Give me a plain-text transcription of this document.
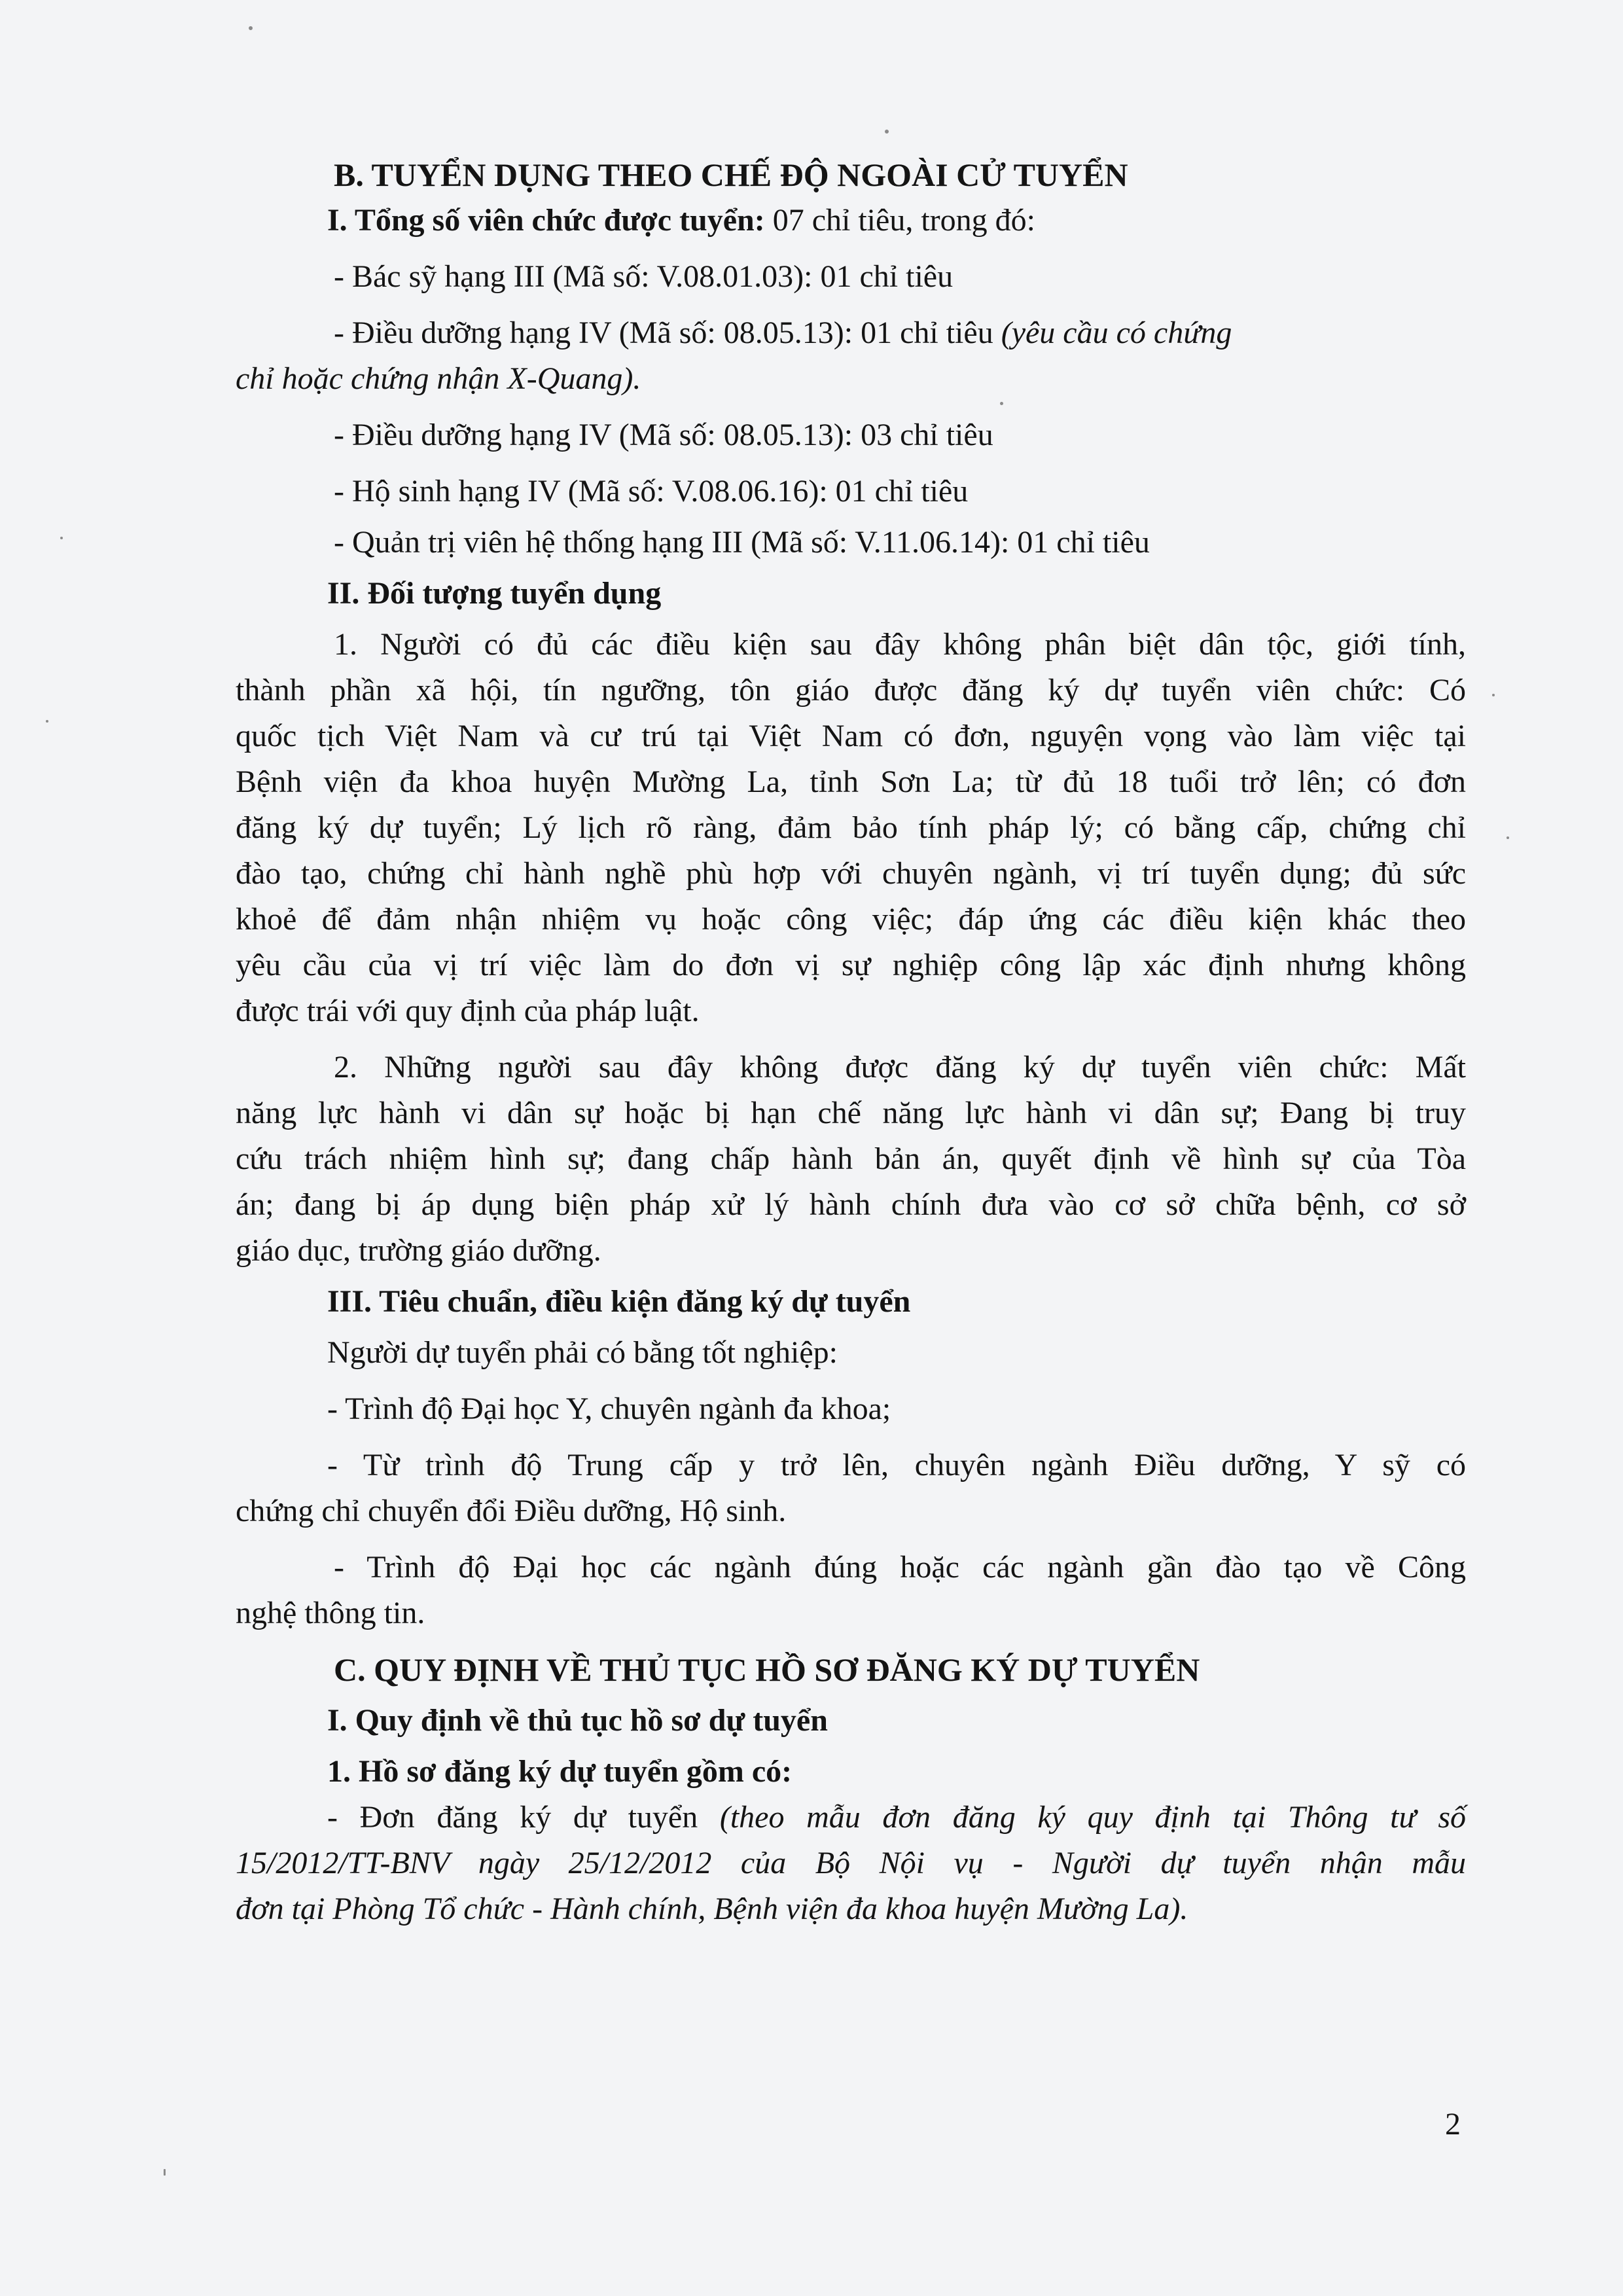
B. TUYỂN DỤNG THEO CHẾ ĐỘ NGOÀI CỬ TUYỂN

I. Tổng số viên chức được tuyển: 07 chỉ tiêu, trong đó:

- Bác sỹ hạng III (Mã số: V.08.01.03): 01 chỉ tiêu

- Điều dưỡng hạng IV (Mã số: 08.05.13): 01 chỉ tiêu (yêu cầu có chứng

chỉ hoặc chứng nhận X-Quang).

- Điều dưỡng hạng IV (Mã số: 08.05.13): 03 chỉ tiêu

- Hộ sinh hạng IV (Mã số: V.08.06.16): 01 chỉ tiêu

- Quản trị viên hệ thống hạng III (Mã số: V.11.06.14): 01 chỉ tiêu

II. Đối tượng tuyển dụng

1. Người có đủ các điều kiện sau đây không phân biệt dân tộc, giới tính,

thành phần xã hội, tín ngưỡng, tôn giáo được đăng ký dự tuyển viên chức: Có

quốc tịch Việt Nam và cư trú tại Việt Nam có đơn, nguyện vọng vào làm việc tại

Bệnh viện đa khoa huyện Mường La, tỉnh Sơn La; từ đủ 18 tuổi trở lên; có đơn

đăng ký dự tuyển; Lý lịch rõ ràng, đảm bảo tính pháp lý; có bằng cấp, chứng chỉ

đào tạo, chứng chỉ hành nghề phù hợp với chuyên ngành, vị trí tuyển dụng; đủ sức

khoẻ để đảm nhận nhiệm vụ hoặc công việc; đáp ứng các điều kiện khác theo

yêu cầu của vị trí việc làm do đơn vị sự nghiệp công lập xác định nhưng không

được trái với quy định của pháp luật.

2. Những người sau đây không được đăng ký dự tuyển viên chức: Mất

năng lực hành vi dân sự hoặc bị hạn chế năng lực hành vi dân sự; Đang bị truy

cứu trách nhiệm hình sự; đang chấp hành bản án, quyết định về hình sự của Tòa

án; đang bị áp dụng biện pháp xử lý hành chính đưa vào cơ sở chữa bệnh, cơ sở

giáo dục, trường giáo dưỡng.

III. Tiêu chuẩn, điều kiện đăng ký dự tuyển

Người dự tuyển phải có bằng tốt nghiệp:

- Trình độ Đại học Y, chuyên ngành đa khoa;

- Từ trình độ Trung cấp y trở lên, chuyên ngành Điều dưỡng, Y sỹ có

chứng chỉ chuyển đổi Điều dưỡng, Hộ sinh.

- Trình độ Đại học các ngành đúng hoặc các ngành gần đào tạo về Công

nghệ thông tin.

C. QUY ĐỊNH VỀ THỦ TỤC HỒ SƠ ĐĂNG KÝ DỰ TUYỂN

I. Quy định về thủ tục hồ sơ dự tuyển

1. Hồ sơ đăng ký dự tuyển gồm có:

- Đơn đăng ký dự tuyển (theo mẫu đơn đăng ký quy định tại Thông tư số

15/2012/TT-BNV ngày 25/12/2012 của Bộ Nội vụ - Người dự tuyển nhận mẫu

đơn tại Phòng Tổ chức - Hành chính, Bệnh viện đa khoa huyện Mường La).

2
